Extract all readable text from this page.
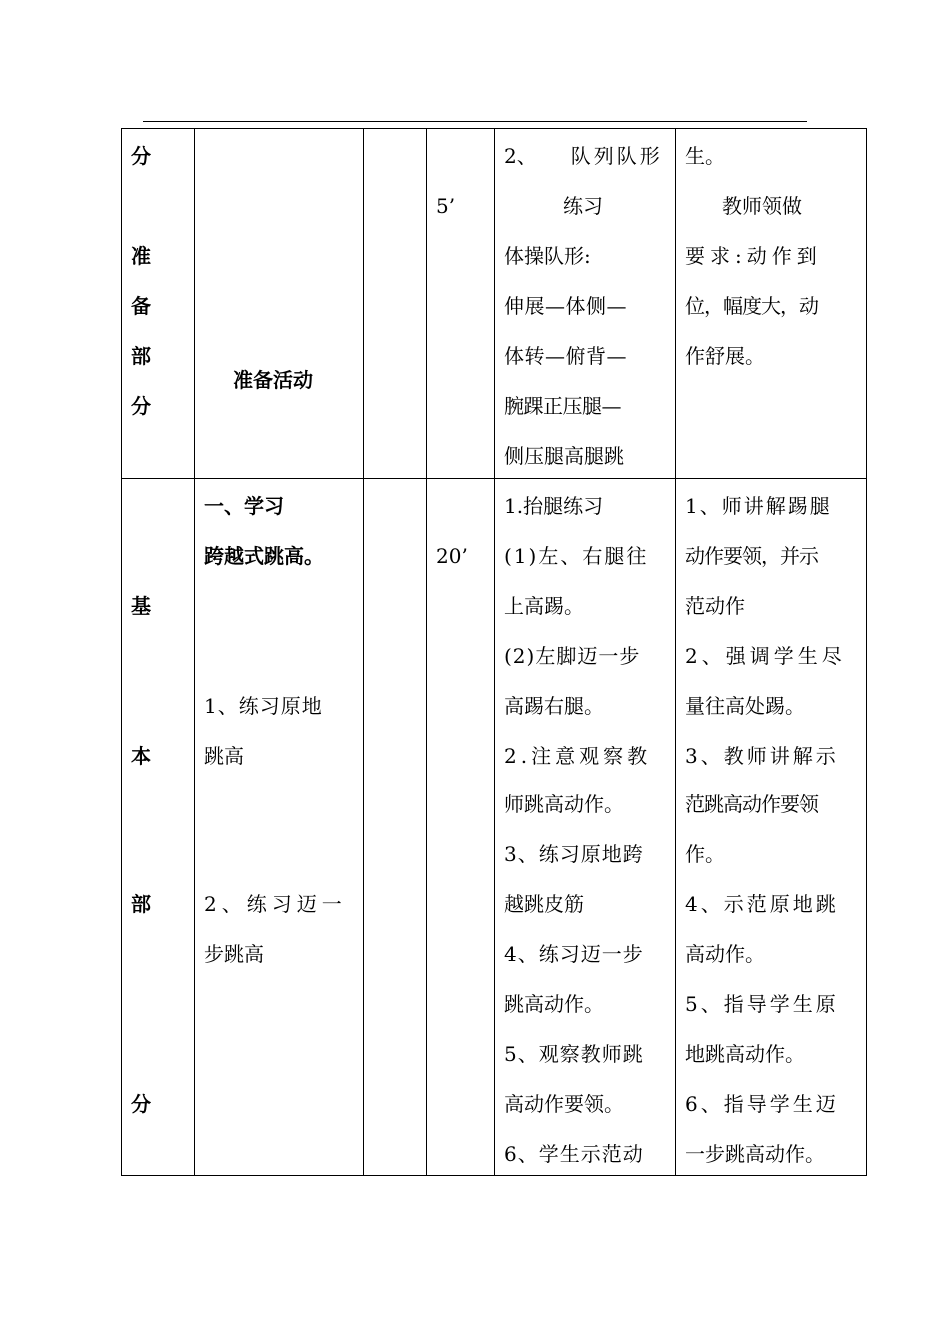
分
准
备
部
分
准备活动
5’
2、 队列队形
练习
体操队形:
伸展—体侧—
体转—俯背—
腕踝正压腿—
侧压腿高腿跳
生。
教师领做
要求:动作到
位，幅度大，动
作舒展。
基
本
部
分
一、学习
跨越式跳高。
1、练习原地
跳高
2、练习迈一
步跳高
20’
1.抬腿练习
(1)左、右腿往
上高踢。
(2)左脚迈一步
高踢右腿。
2.注意观察教
师跳高动作。
3、练习原地跨
越跳皮筋
4、练习迈一步
跳高动作。
5、观察教师跳
高动作要领。
6、学生示范动
1、师讲解踢腿
动作要领，并示
范动作
2、强调学生尽
量往高处踢。
3、教师讲解示
范跳高动作要领
作。
4、示范原地跳
高动作。
5、指导学生原
地跳高动作。
6、指导学生迈
一步跳高动作。
